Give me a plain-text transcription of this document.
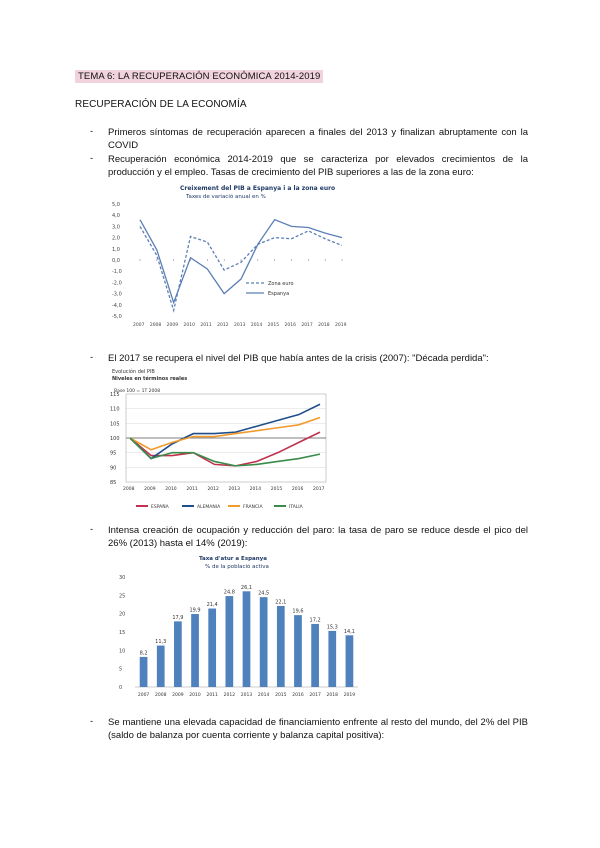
TEMA 6: LA RECUPERACIÓN ECONÓMICA 2014-2019
RECUPERACIÓN DE LA ECONOMÍA
- Primeros síntomas de recuperación aparecen a finales del 2013 y finalizan abruptamente con la COVID
- Recuperación económica 2014-2019 que se caracteriza por elevados crecimientos de la producción y el empleo. Tasas de crecimiento del PIB superiores a las de la zona euro:
Creixement del PIB a Espanya i a la zona euro
Taxes de variació anual en %
5,0
4,0
3,0
2,0
1,0
0,0
-1,0
-2,0
-3,0
-4,0
-5,0
2007 2008 2009 2010 2011 2012 2013 2014 2015 2016 2017 2018 2019
Zona euro
Espanya
- El 2017 se recupera el nivel del PIB que había antes de la crisis (2007): "Década perdida":
Evolución del PIB
Niveles en términos reales
Base 100 = 1T 2008
115
110
105
100
95
90
85
2008 2009 2010 2011 2012 2013 2014 2015 2016 2017
ESPAÑA	ALEMANIA	FRANCIA	ITALIA
- Intensa creación de ocupación y reducción del paro: la tasa de paro se reduce desde el pico del 26% (2013) hasta el 14% (2019):
Taxa d'atur a Espanya
% de la població activa
30
25
20
15
10
5
0
8,2
11,3
17,9
19,9
21,4
24,8
26,1
24,5
22,1
19,6
17,2
15,3
14,1
2007 2008 2009 2010 2011 2012 2013 2014 2015 2016 2017 2018 2019
- Se mantiene una elevada capacidad de financiamiento enfrente al resto del mundo, del 2% del PIB (saldo de balanza por cuenta corriente y balanza capital positiva):
